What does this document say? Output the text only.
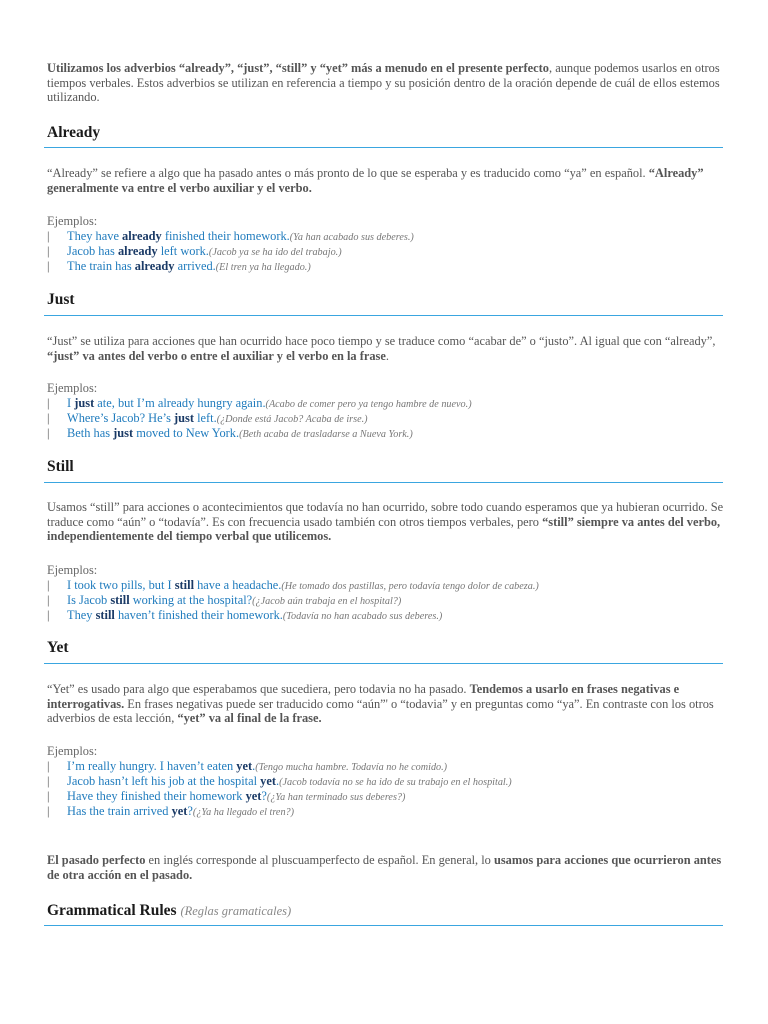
Utilizamos los adverbios “already”, “just”, “still” y “yet” más a menudo en el presente perfecto, aunque podemos usarlos en otros tiempos verbales. Estos adverbios se utilizan en referencia a tiempo y su posición dentro de la oración depende de cuál de ellos estemos utilizando.
Already
“Already” se refiere a algo que ha pasado antes o más pronto de lo que se esperaba y es traducido como “ya” en español. “Already” generalmente va entre el verbo auxiliar y el verbo.
Ejemplos:
| They have already finished their homework.(Ya han acabado sus deberes.)
| Jacob has already left work.(Jacob ya se ha ido del trabajo.)
| The train has already arrived.(El tren ya ha llegado.)
Just
“Just” se utiliza para acciones que han ocurrido hace poco tiempo y se traduce como “acabar de” o “justo”. Al igual que con “already”, “just” va antes del verbo o entre el auxiliar y el verbo en la frase.
Ejemplos:
| I just ate, but I’m already hungry again.(Acabo de comer pero ya tengo hambre de nuevo.)
| Where’s Jacob? He’s just left.(¿Donde está Jacob? Acaba de irse.)
| Beth has just moved to New York.(Beth acaba de trasladarse a Nueva York.)
Still
Usamos “still” para acciones o acontecimientos que todavía no han ocurrido, sobre todo cuando esperamos que ya hubieran ocurrido. Se traduce como “aún” o “todavía”. Es con frecuencia usado también con otros tiempos verbales, pero “still” siempre va antes del verbo, independientemente del tiempo verbal que utilicemos.
Ejemplos:
| I took two pills, but I still have a headache.(He tomado dos pastillas, pero todavía tengo dolor de cabeza.)
| Is Jacob still working at the hospital?(¿Jacob aún trabaja en el hospital?)
| They still haven’t finished their homework.(Todavía no han acabado sus deberes.)
Yet
“Yet” es usado para algo que esperabamos que sucediera, pero todavia no ha pasado. Tendemos a usarlo en frases negativas e interrogativas. En frases negativas puede ser traducido como “aún”' o “todavia” y en preguntas como “ya”. En contraste con los otros adverbios de esta lección, “yet” va al final de la frase.
Ejemplos:
| I’m really hungry. I haven’t eaten yet.(Tengo mucha hambre. Todavía no he comido.)
| Jacob hasn’t left his job at the hospital yet.(Jacob todavía no se ha ido de su trabajo en el hospital.)
| Have they finished their homework yet?(¿Ya han terminado sus deberes?)
| Has the train arrived yet?(¿Ya ha llegado el tren?)
El pasado perfecto en inglés corresponde al pluscuamperfecto de español. En general, lo usamos para acciones que ocurrieron antes de otra acción en el pasado.
Grammatical Rules (Reglas gramaticales)
